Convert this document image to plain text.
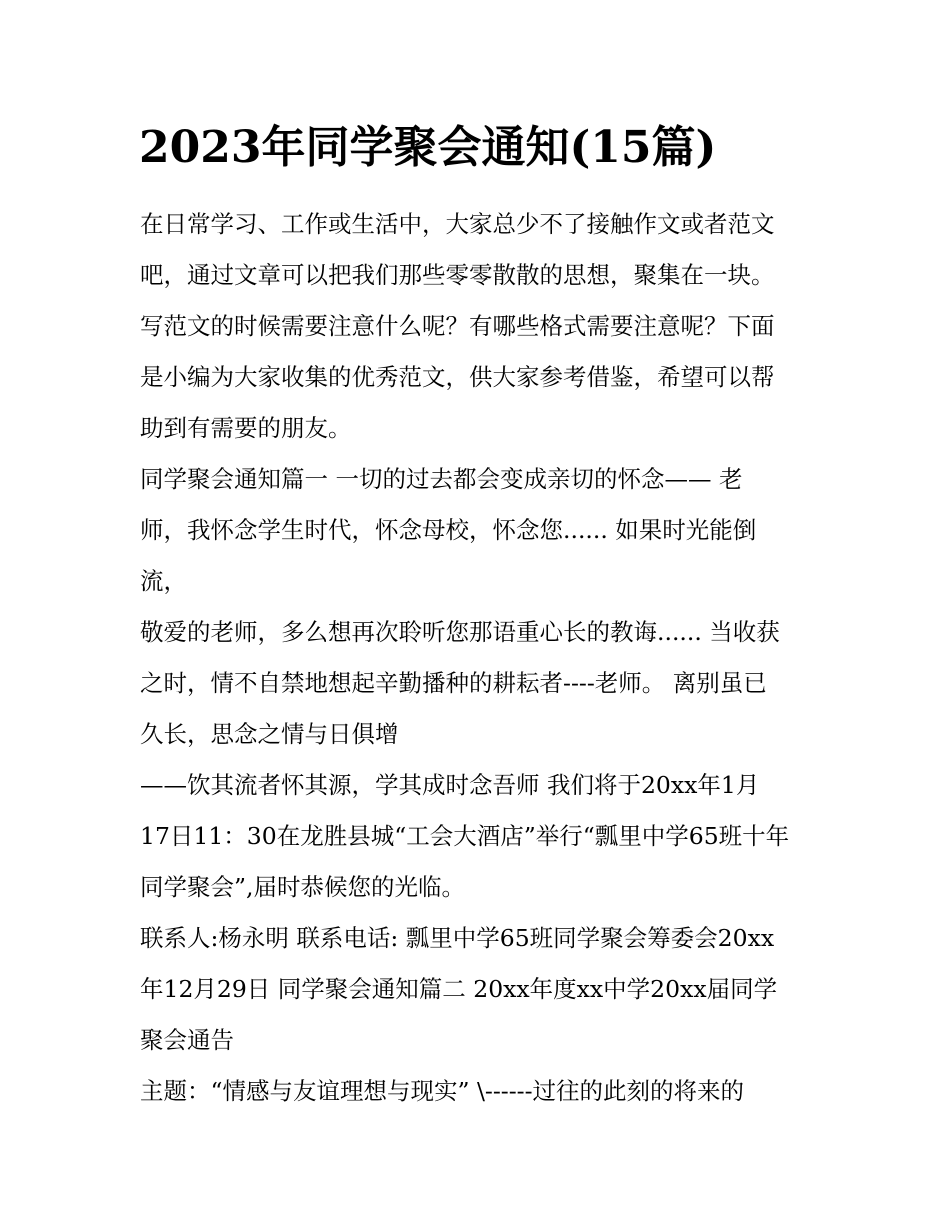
2023年同学聚会通知(15篇)
在日常学习、工作或生活中，大家总少不了接触作文或者范文
吧，通过文章可以把我们那些零零散散的思想，聚集在一块。
写范文的时候需要注意什么呢？有哪些格式需要注意呢？下面
是小编为大家收集的优秀范文，供大家参考借鉴，希望可以帮
助到有需要的朋友。
同学聚会通知篇一 一切的过去都会变成亲切的怀念—— 老
师，我怀念学生时代，怀念母校，怀念您...... 如果时光能倒
流，
敬爱的老师，多么想再次聆听您那语重心长的教诲...... 当收获
之时，情不自禁地想起辛勤播种的耕耘者----老师。 离别虽已
久长，思念之情与日俱增
——饮其流者怀其源，学其成时念吾师 我们将于20xx年1月
17日11：30在龙胜县城“工会大酒店”举行“瓢里中学65班十年
同学聚会”,届时恭候您的光临。
联系人:杨永明 联系电话: 瓢里中学65班同学聚会筹委会20xx
年12月29日 同学聚会通知篇二 20xx年度xx中学20xx届同学
聚会通告
主题：“情感与友谊理想与现实” \------过往的此刻的将来的
